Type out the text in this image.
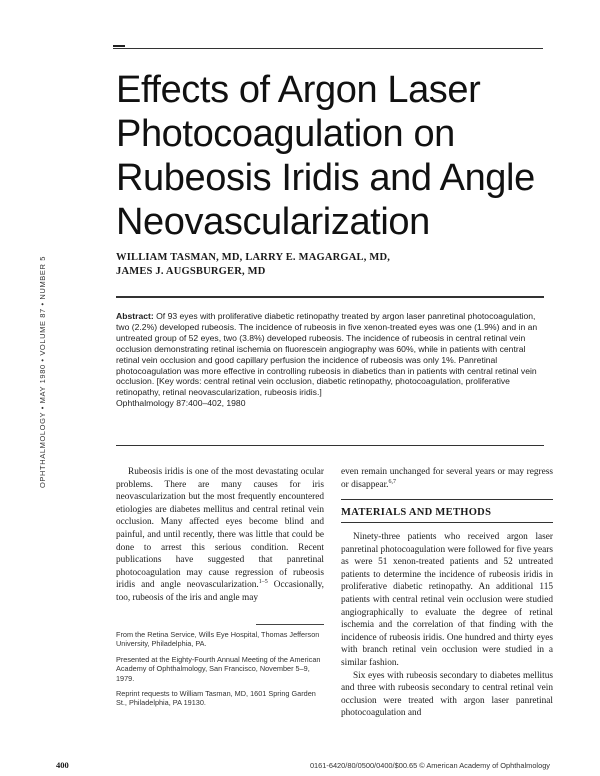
OPHTHALMOLOGY • MAY 1980 • VOLUME 87 • NUMBER 5
Effects of Argon Laser
Photocoagulation on
Rubeosis Iridis and Angle
Neovascularization
WILLIAM TASMAN, MD, LARRY E. MAGARGAL, MD,
JAMES J. AUGSBURGER, MD
Abstract: Of 93 eyes with proliferative diabetic retinopathy treated by argon laser panretinal photocoagulation, two (2.2%) developed rubeosis. The incidence of rubeosis in five xenon-treated eyes was one (1.9%) and in an untreated group of 52 eyes, two (3.8%) developed rubeosis. The incidence of rubeosis in central retinal vein occlusion demonstrating retinal ischemia on fluorescein angiography was 60%, while in patients with central retinal vein occlusion and good capillary perfusion the incidence of rubeosis was only 1%. Panretinal photocoagulation was more effective in controlling rubeosis in diabetics than in patients with central retinal vein occlusion. [Key words: central retinal vein occlusion, diabetic retinopathy, photocoagulation, proliferative retinopathy, retinal neovascularization, rubeosis iridis.]
Ophthalmology 87:400–402, 1980

Rubeosis iridis is one of the most devastating ocular problems. There are many causes for iris neovascularization but the most frequently encountered etiologies are diabetes mellitus and central retinal vein occlusion. Many affected eyes become blind and painful, and until recently, there was little that could be done to arrest this serious condition. Recent publications have suggested that panretinal photocoagulation may cause regression of rubeosis iridis and angle neovascularization.$^{1-5}$ Occasionally, too, rubeosis of the iris and angle may

From the Retina Service, Wills Eye Hospital, Thomas Jefferson University, Philadelphia, PA.

Presented at the Eighty-Fourth Annual Meeting of the American Academy of Ophthalmology, San Francisco, November 5–9, 1979.

Reprint requests to William Tasman, MD, 1601 Spring Garden St., Philadelphia, PA 19130.

even remain unchanged for several years or may regress or disappear.$^{6,7}$

MATERIALS AND METHODS

Ninety-three patients who received argon laser panretinal photocoagulation were followed for five years as were 51 xenon-treated patients and 52 untreated patients to determine the incidence of rubeosis iridis in proliferative diabetic retinopathy. An additional 115 patients with central retinal vein occlusion were studied angiographically to evaluate the degree of retinal ischemia and the correlation of that finding with the incidence of rubeosis iridis. One hundred and thirty eyes with branch retinal vein occlusion were studied in a similar fashion.

Six eyes with rubeosis secondary to diabetes mellitus and three with rubeosis secondary to central retinal vein occlusion were treated with argon laser panretinal photocoagulation and

400	0161-6420/80/0500/0400/$00.65 © American Academy of Ophthalmology
